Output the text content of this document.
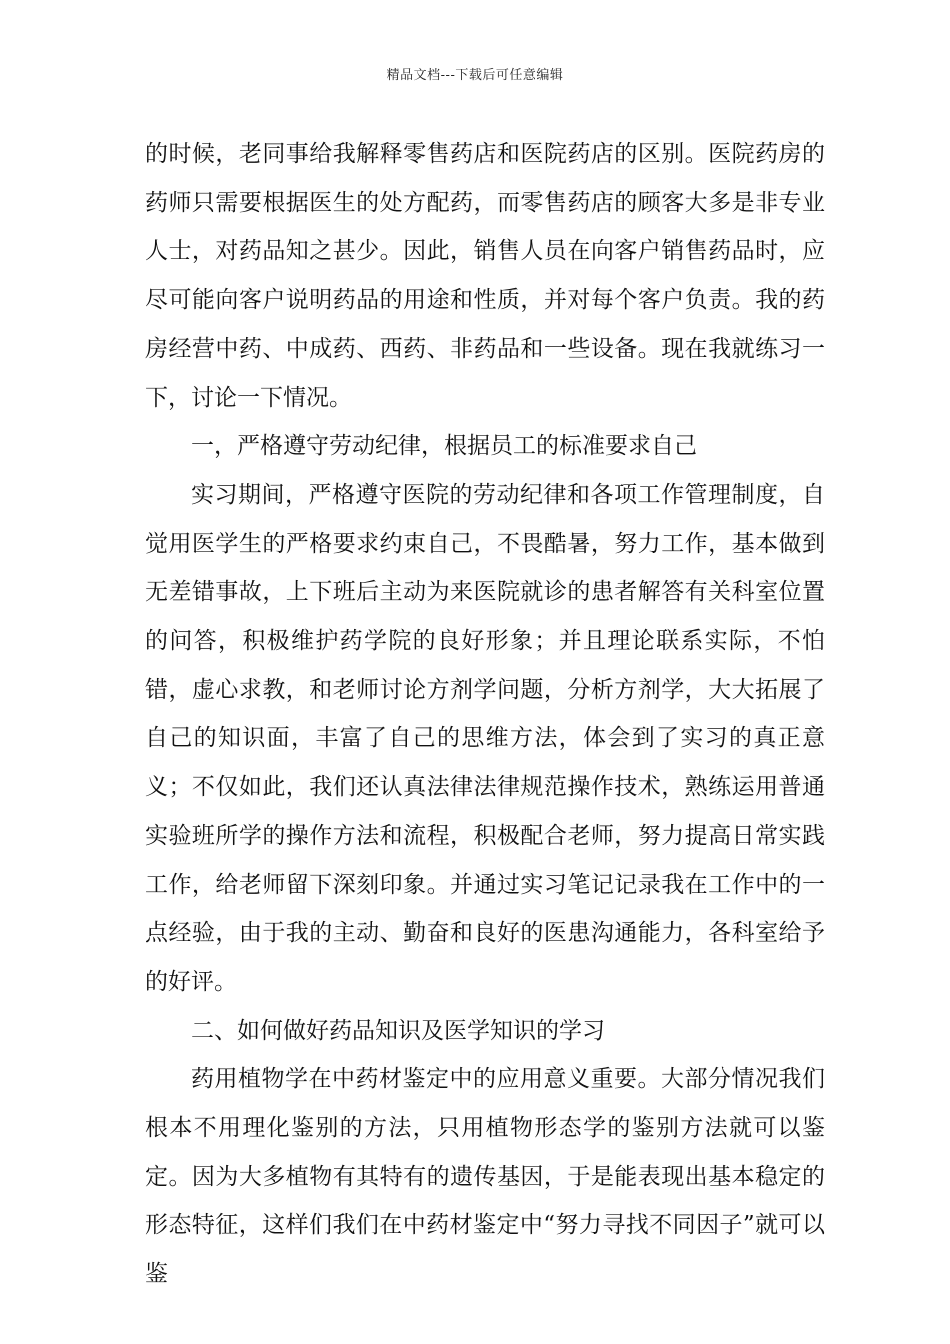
精品文档---下载后可任意编辑

的时候，老同事给我解释零售药店和医院药店的区别。医院药房的药师只需要根据医生的处方配药，而零售药店的顾客大多是非专业人士，对药品知之甚少。因此，销售人员在向客户销售药品时，应尽可能向客户说明药品的用途和性质，并对每个客户负责。我的药房经营中药、中成药、西药、非药品和一些设备。现在我就练习一下，讨论一下情况。

一，严格遵守劳动纪律，根据员工的标准要求自己

实习期间，严格遵守医院的劳动纪律和各项工作管理制度，自觉用医学生的严格要求约束自己，不畏酷暑，努力工作，基本做到无差错事故，上下班后主动为来医院就诊的患者解答有关科室位置的问答，积极维护药学院的良好形象；并且理论联系实际，不怕错，虚心求教，和老师讨论方剂学问题，分析方剂学，大大拓展了自己的知识面，丰富了自己的思维方法，体会到了实习的真正意义；不仅如此，我们还认真法律法律规范操作技术，熟练运用普通实验班所学的操作方法和流程，积极配合老师，努力提高日常实践工作，给老师留下深刻印象。并通过实习笔记记录我在工作中的一点经验，由于我的主动、勤奋和良好的医患沟通能力，各科室给予的好评。

二、如何做好药品知识及医学知识的学习

药用植物学在中药材鉴定中的应用意义重要。大部分情况我们根本不用理化鉴别的方法，只用植物形态学的鉴别方法就可以鉴定。因为大多植物有其特有的遗传基因，于是能表现出基本稳定的形态特征，这样们我们在中药材鉴定中“努力寻找不同因子”就可以鉴
